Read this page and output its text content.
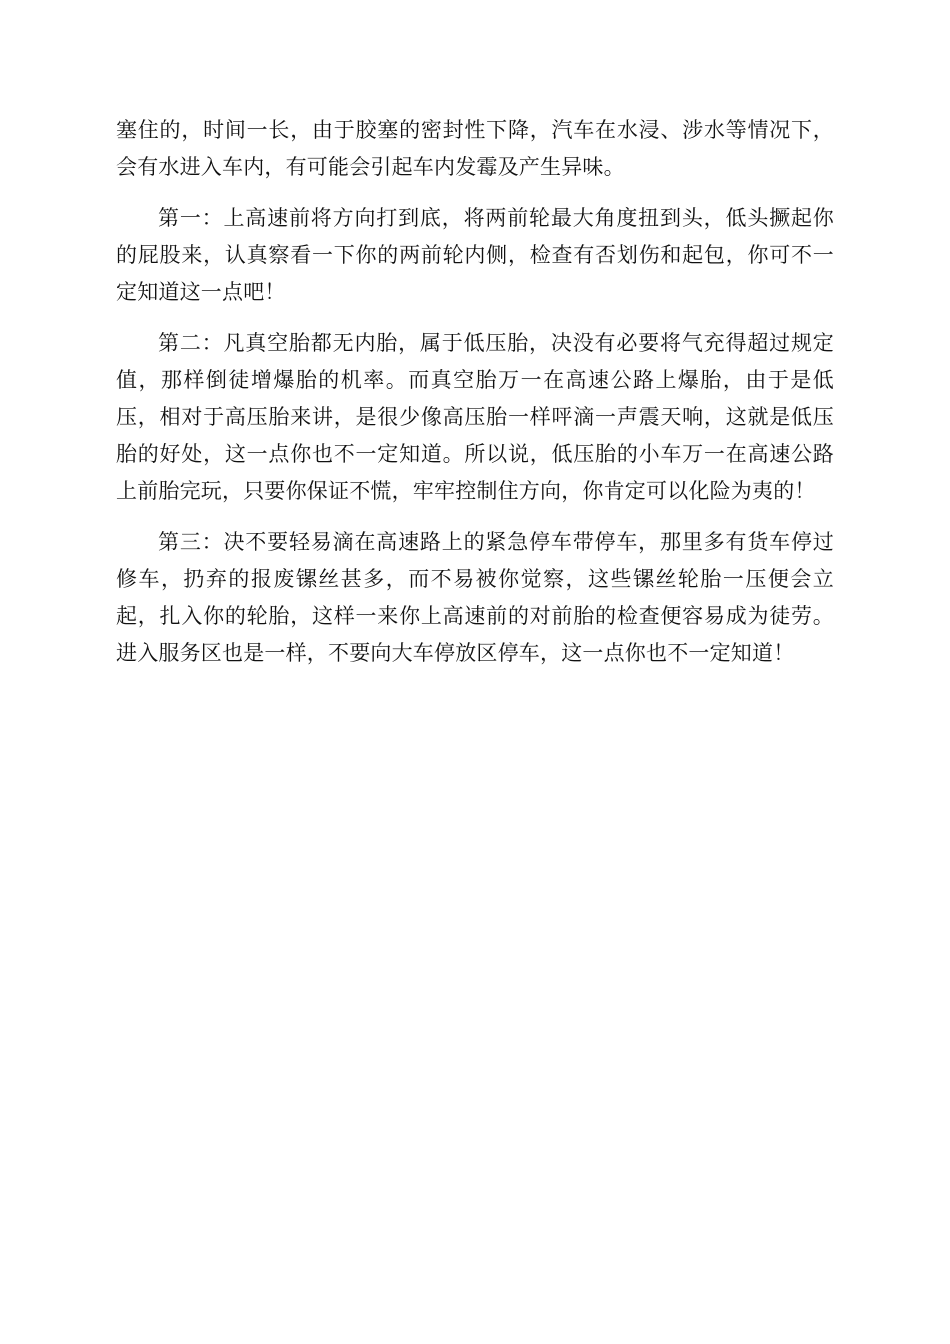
塞住的，时间一长，由于胶塞的密封性下降，汽车在水浸、涉水等情况下，会有水进入车内，有可能会引起车内发霉及产生异味。

第一：上高速前将方向打到底，将两前轮最大角度扭到头，低头撅起你的屁股来，认真察看一下你的两前轮内侧，检查有否划伤和起包，你可不一定知道这一点吧！

第二：凡真空胎都无内胎，属于低压胎，决没有必要将气充得超过规定值，那样倒徒增爆胎的机率。而真空胎万一在高速公路上爆胎，由于是低压，相对于高压胎来讲，是很少像高压胎一样呯滴一声震天响，这就是低压胎的好处，这一点你也不一定知道。所以说，低压胎的小车万一在高速公路上前胎完玩，只要你保证不慌，牢牢控制住方向，你肯定可以化险为夷的！

第三：决不要轻易滴在高速路上的紧急停车带停车，那里多有货车停过修车，扔弃的报废镙丝甚多，而不易被你觉察，这些镙丝轮胎一压便会立起，扎入你的轮胎，这样一来你上高速前的对前胎的检查便容易成为徒劳。进入服务区也是一样，不要向大车停放区停车，这一点你也不一定知道！
